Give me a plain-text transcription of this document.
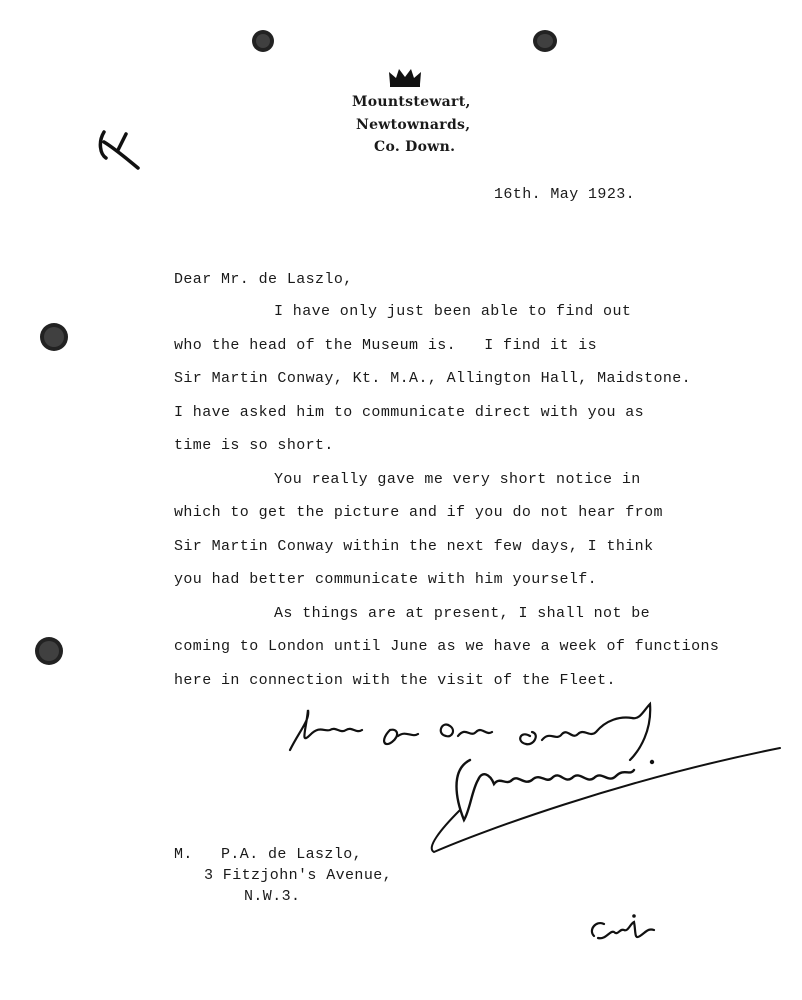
Mountstewart,
Newtownards,
Co. Down.
16th. May 1923.
Dear Mr. de Laszlo,
I have only just been able to find out
who the head of the Museum is.   I find it is
Sir Martin Conway, Kt. M.A., Allington Hall, Maidstone.
I have asked him to communicate direct with you as
time is so short.
You really gave me very short notice in
which to get the picture and if you do not hear from
Sir Martin Conway within the next few days, I think
you had better communicate with him yourself.
As things are at present, I shall not be
coming to London until June as we have a week of functions
here in connection with the visit of the Fleet.
M.   P.A. de Laszlo,
3 Fitzjohn's Avenue,
N.W.3.
